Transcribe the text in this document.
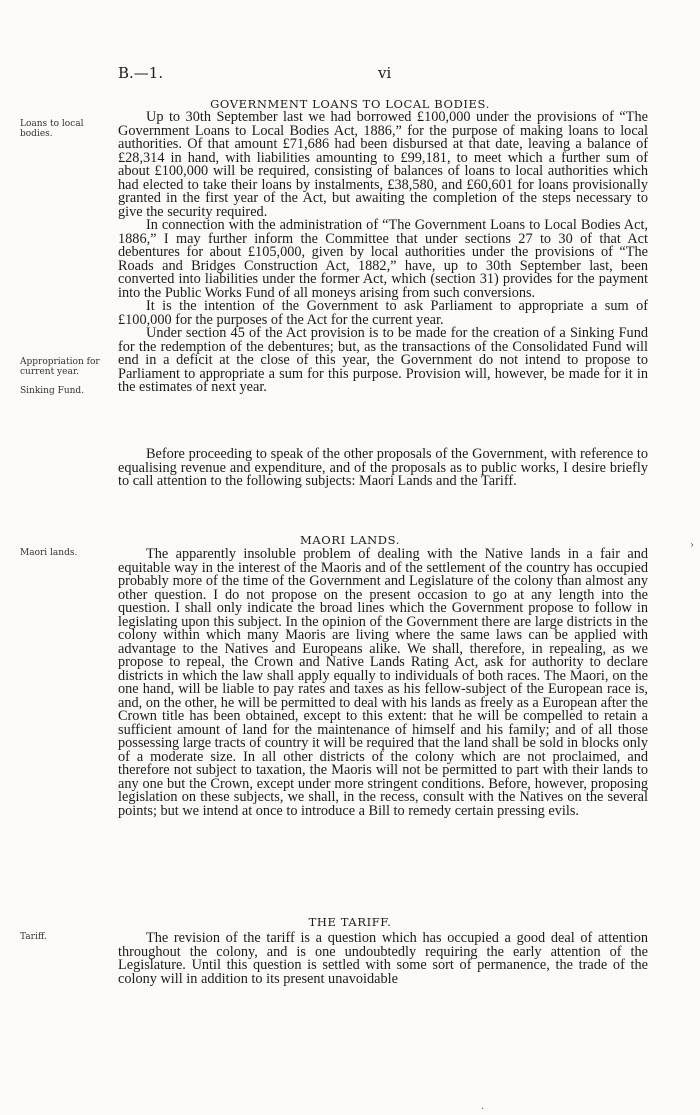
B.—1.	vi
GOVERNMENT LOANS TO LOCAL BODIES.
Loans to local bodies.

Up to 30th September last we had borrowed £100,000 under the provisions of “The Government Loans to Local Bodies Act, 1886,” for the purpose of making loans to local authorities. Of that amount £71,686 had been disbursed at that date, leaving a balance of £28,314 in hand, with liabilities amounting to £99,181, to meet which a further sum of about £100,000 will be required, consisting of balances of loans to local authorities which had elected to take their loans by instalments, £38,580, and £60,601 for loans provisionally granted in the first year of the Act, but awaiting the completion of the steps necessary to give the security required.

In connection with the administration of “The Government Loans to Local Bodies Act, 1886,” I may further inform the Committee that under sections 27 to 30 of that Act debentures for about £105,000, given by local authorities under the provisions of “The Roads and Bridges Construction Act, 1882,” have, up to 30th September last, been converted into liabilities under the former Act, which (section 31) provides for the payment into the Public Works Fund of all moneys arising from such conversions.

It is the intention of the Government to ask Parliament to appropriate a sum of £100,000 for the purposes of the Act for the current year.

Under section 45 of the Act provision is to be made for the creation of a Sinking Fund for the redemption of the debentures; but, as the transactions of the Consolidated Fund will end in a deficit at the close of this year, the Government do not intend to propose to Parliament to appropriate a sum for this purpose. Provision will, however, be made for it in the estimates of next year.

Appropriation for current year.
Sinking Fund.

Before proceeding to speak of the other proposals of the Government, with reference to equalising revenue and expenditure, and of the proposals as to public works, I desire briefly to call attention to the following subjects: Maori Lands and the Tariff.

MAORI LANDS.
Maori lands.	The apparently insoluble problem of dealing with the Native lands in a fair and equitable way in the interest of the Maoris and of the settlement of the country has occupied probably more of the time of the Government and Legislature of the colony than almost any other question. I do not propose on the present occasion to go at any length into the question. I shall only indicate the broad lines which the Government propose to follow in legislating upon this subject. In the opinion of the Government there are large districts in the colony within which many Maoris are living where the same laws can be applied with advantage to the Natives and Europeans alike. We shall, therefore, in repealing, as we propose to repeal, the Crown and Native Lands Rating Act, ask for authority to declare districts in which the law shall apply equally to individuals of both races. The Maori, on the one hand, will be liable to pay rates and taxes as his fellow-subject of the European race is, and, on the other, he will be permitted to deal with his lands as freely as a European after the Crown title has been obtained, except to this extent: that he will be compelled to retain a sufficient amount of land for the maintenance of himself and his family; and of all those possessing large tracts of country it will be required that the land shall be sold in blocks only of a moderate size. In all other districts of the colony which are not proclaimed, and therefore not subject to taxation, the Maoris will not be permitted to part with their lands to any one but the Crown, except under more stringent conditions. Before, however, proposing legislation on these subjects, we shall, in the recess, consult with the Natives on the several points; but we intend at once to introduce a Bill to remedy certain pressing evils.

THE TARIFF.
Tariff.	The revision of the tariff is a question which has occupied a good deal of attention throughout the colony, and is one undoubtedly requiring the early attention of the Legislature. Until this question is settled with some sort of permanence, the trade of the colony will in addition to its present unavoidable

›
·
